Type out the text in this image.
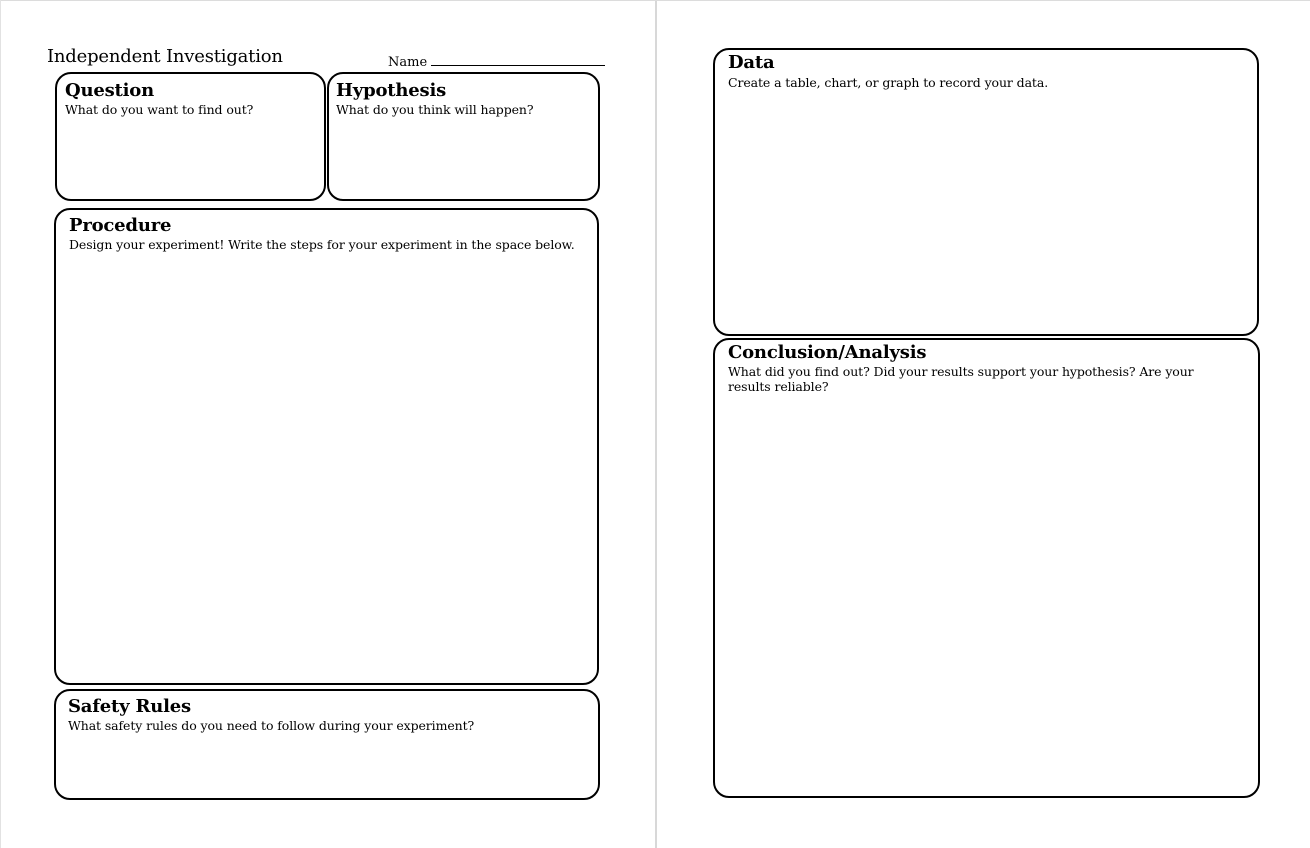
Independent Investigation	Name
Question
What do you want to find out?
Hypothesis
What do you think will happen?
Procedure
Design your experiment! Write the steps for your experiment in the space below.
Safety Rules
What safety rules do you need to follow during your experiment?
Data
Create a table, chart, or graph to record your data.
Conclusion/Analysis
What did you find out? Did your results support your hypothesis? Are your results reliable?
